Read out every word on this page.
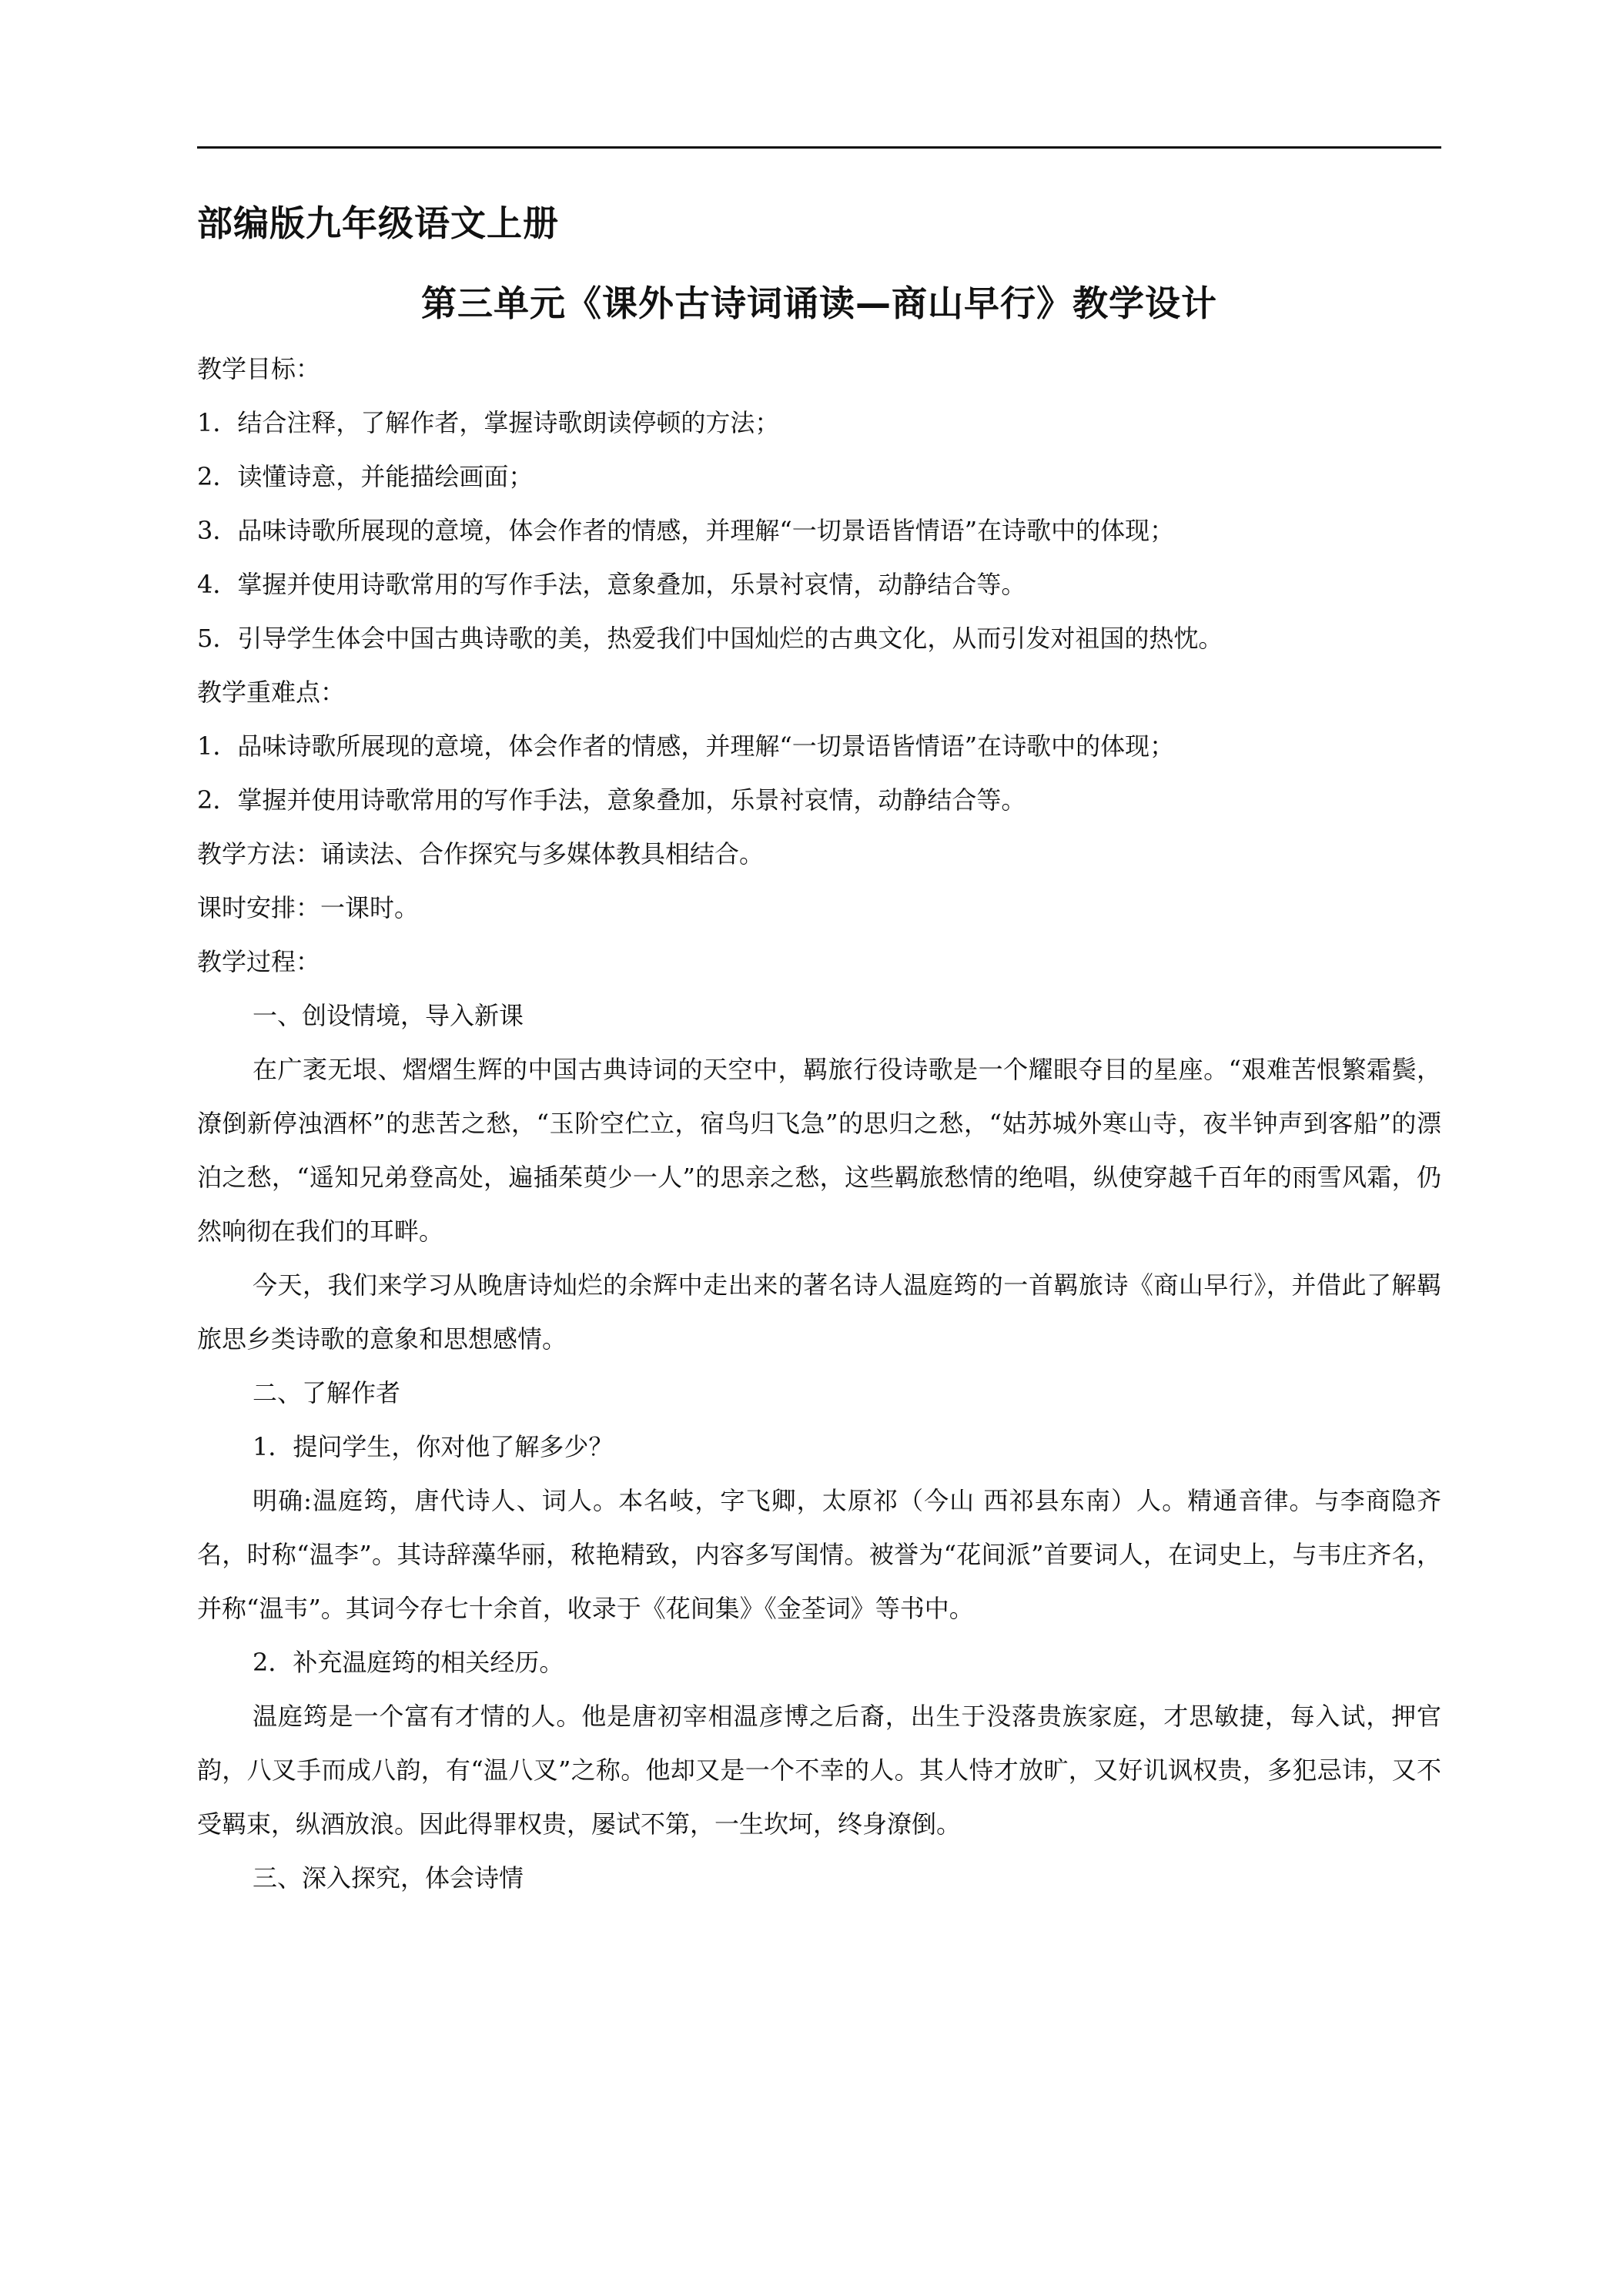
部编版九年级语文上册
第三单元《课外古诗词诵读—商山早行》教学设计

教学目标：

1．结合注释，了解作者，掌握诗歌朗读停顿的方法；

2．读懂诗意，并能描绘画面；

3．品味诗歌所展现的意境，体会作者的情感，并理解“一切景语皆情语”在诗歌中的体现；

4．掌握并使用诗歌常用的写作手法，意象叠加，乐景衬哀情，动静结合等。

5．引导学生体会中国古典诗歌的美，热爱我们中国灿烂的古典文化，从而引发对祖国的热忱。

教学重难点：

1．品味诗歌所展现的意境，体会作者的情感，并理解“一切景语皆情语”在诗歌中的体现；

2．掌握并使用诗歌常用的写作手法，意象叠加，乐景衬哀情，动静结合等。

教学方法：诵读法、合作探究与多媒体教具相结合。

课时安排：一课时。

教学过程：

一、创设情境，导入新课

在广袤无垠、熠熠生辉的中国古典诗词的天空中，羁旅行役诗歌是一个耀眼夺目的星座。“艰难苦恨繁霜鬓，潦倒新停浊酒杯”的悲苦之愁，“玉阶空伫立，宿鸟归飞急”的思归之愁，“姑苏城外寒山寺，夜半钟声到客船”的漂泊之愁，“遥知兄弟登高处，遍插茱萸少一人”的思亲之愁，这些羁旅愁情的绝唱，纵使穿越千百年的雨雪风霜，仍然响彻在我们的耳畔。

今天，我们来学习从晚唐诗灿烂的余辉中走出来的著名诗人温庭筠的一首羁旅诗《商山早行》，并借此了解羁旅思乡类诗歌的意象和思想感情。

二、了解作者

1．提问学生，你对他了解多少？

明确:温庭筠，唐代诗人、词人。本名岐，字飞卿，太原祁（今山 西祁县东南）人。精通音律。与李商隐齐名，时称“温李”。其诗辞藻华丽，秾艳精致，内容多写闺情。被誉为“花间派”首要词人，在词史上，与韦庄齐名，并称“温韦”。其词今存七十余首，收录于《花间集》《金荃词》等书中。

2．补充温庭筠的相关经历。

温庭筠是一个富有才情的人。他是唐初宰相温彦博之后裔，出生于没落贵族家庭，才思敏捷，每入试，押官韵，八叉手而成八韵，有“温八叉”之称。他却又是一个不幸的人。其人恃才放旷，又好讥讽权贵，多犯忌讳，又不受羁束，纵酒放浪。因此得罪权贵，屡试不第，一生坎坷，终身潦倒。

三、深入探究，体会诗情
